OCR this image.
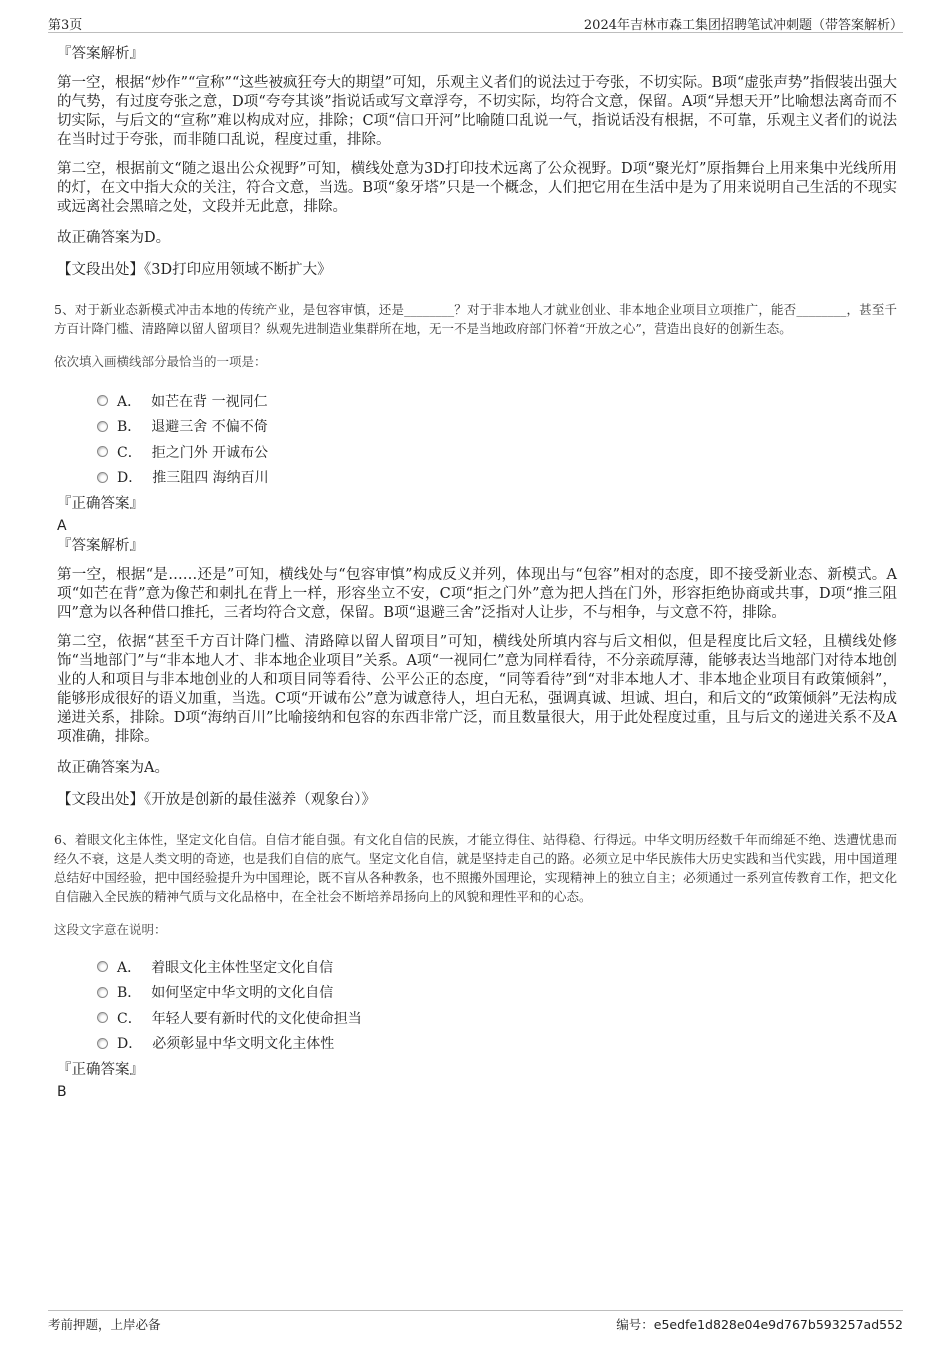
第3页	2024年吉林市森工集团招聘笔试冲刺题（带答案解析）
『答案解析』

第一空，根据“炒作”“宣称”“这些被疯狂夸大的期望”可知，乐观主义者们的说法过于夸张，不切实际。B项“虚张声势”指假装出强大的气势，有过度夸张之意，D项“夸夸其谈”指说话或写文章浮夸，不切实际，均符合文意，保留。A项“异想天开”比喻想法离奇而不切实际，与后文的“宣称”难以构成对应，排除；C项“信口开河”比喻随口乱说一气，指说话没有根据，不可靠，乐观主义者们的说法在当时过于夸张，而非随口乱说，程度过重，排除。

第二空，根据前文“随之退出公众视野”可知，横线处意为3D打印技术远离了公众视野。D项“聚光灯”原指舞台上用来集中光线所用的灯，在文中指大众的关注，符合文意，当选。B项“象牙塔”只是一个概念，人们把它用在生活中是为了用来说明自己生活的不现实或远离社会黑暗之处，文段并无此意，排除。

故正确答案为D。

【文段出处】《3D打印应用领域不断扩大》

5、对于新业态新模式冲击本地的传统产业，是包容审慎，还是________？对于非本地人才就业创业、非本地企业项目立项推广，能否________，甚至千方百计降门槛、清路障以留人留项目？纵观先进制造业集群所在地，无一不是当地政府部门怀着“开放之心”，营造出良好的创新生态。

依次填入画横线部分最恰当的一项是：

A． 如芒在背 一视同仁
B． 退避三舍 不偏不倚
C． 拒之门外 开诚布公
D． 推三阻四 海纳百川
『正确答案』
A
『答案解析』

第一空，根据“是……还是”可知，横线处与“包容审慎”构成反义并列，体现出与“包容”相对的态度，即不接受新业态、新模式。A项“如芒在背”意为像芒和刺扎在背上一样，形容坐立不安，C项“拒之门外”意为把人挡在门外，形容拒绝协商或共事，D项“推三阻四”意为以各种借口推托，三者均符合文意，保留。B项“退避三舍”泛指对人让步，不与相争，与文意不符，排除。

第二空，依据“甚至千方百计降门槛、清路障以留人留项目”可知，横线处所填内容与后文相似，但是程度比后文轻，且横线处修饰“当地部门”与“非本地人才、非本地企业项目”关系。A项“一视同仁”意为同样看待，不分亲疏厚薄，能够表达当地部门对待本地创业的人和项目与非本地创业的人和项目同等看待、公平公正的态度，“同等看待”到“对非本地人才、非本地企业项目有政策倾斜”，能够形成很好的语义加重，当选。C项“开诚布公”意为诚意待人，坦白无私，强调真诚、坦诚、坦白，和后文的“政策倾斜”无法构成递进关系，排除。D项“海纳百川”比喻接纳和包容的东西非常广泛，而且数量很大，用于此处程度过重，且与后文的递进关系不及A项准确，排除。

故正确答案为A。

【文段出处】《开放是创新的最佳滋养（观象台）》

6、着眼文化主体性，坚定文化自信。自信才能自强。有文化自信的民族，才能立得住、站得稳、行得远。中华文明历经数千年而绵延不绝、迭遭忧患而经久不衰，这是人类文明的奇迹，也是我们自信的底气。坚定文化自信，就是坚持走自己的路。必须立足中华民族伟大历史实践和当代实践，用中国道理总结好中国经验，把中国经验提升为中国理论，既不盲从各种教条，也不照搬外国理论，实现精神上的独立自主；必须通过一系列宣传教育工作，把文化自信融入全民族的精神气质与文化品格中，在全社会不断培养昂扬向上的风貌和理性平和的心态。

这段文字意在说明：

A． 着眼文化主体性坚定文化自信
B． 如何坚定中华文明的文化自信
C． 年轻人要有新时代的文化使命担当
D． 必须彰显中华文明文化主体性
『正确答案』
B
考前押题，上岸必备	编号：e5edfe1d828e04e9d767b593257ad552
